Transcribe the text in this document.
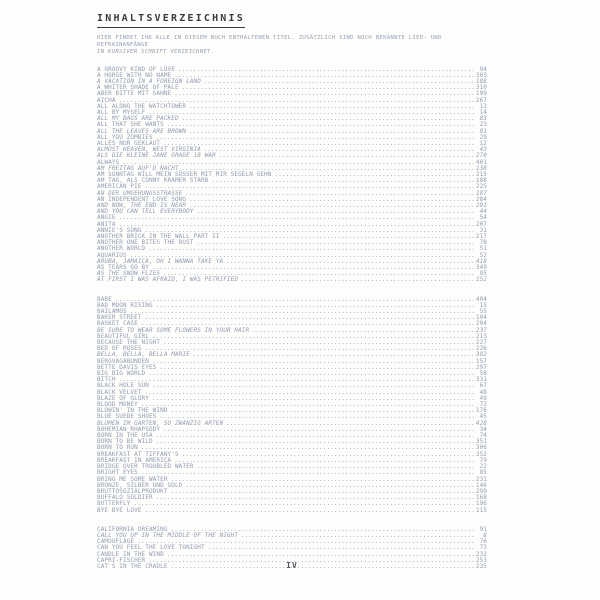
INHALTSVERZEICHNIS

HIER FINDET IHR ALLE IN DIESEM BUCH ENTHALTENEN TITEL. ZUSÄTZLICH SIND NOCH BEKANNTE LIED- UND REFRAINANFÄNGE
IN KURSIVER SCHRIFT VERZEICHNET.

A GROOVY KIND OF LOVE .....	94
A HORSE WITH NO NAME .....	303
A VACATION IN A FOREIGN LAND .....	188
A WHITER SHADE OF PALE .....	310
ABER BITTE MIT SAHNE .....	199
AICHA .....	267
ALL ALONG THE WATCHTOWER .....	13
ALL BY MYSELF .....	14
ALL MY BAGS ARE PACKED .....	83
ALL THAT SHE WANTS .....	23
ALL THE LEAVES ARE BROWN .....	91
ALL YOU ZOMBIES .....	29
ALLES NUR GEKLAUT .....	12
ALMOST HEAVEN, WEST VIRGINIA .....	43
ALS DIE KLEINE JANE GRADE 18 WAR .....	270
ALWAYS .....	401
AM FREITAG AUF'D NACHT .....	138
AM SONNTAG WILL MEIN SÜSSER MIT MIR SEGELN GEHN .....	215
AM TAG, ALS CONNY KRAMER STARB .....	188
AMERICAN PIE .....	225
AN DER UMGEHUNGSSTRASSE .....	187
AN INDEPENDENT LOVE SONG .....	284
AND NOW, THE END IS NEAR .....	291
AND YOU CAN TELL EVERYBODY .....	44
ANGIE .....	54
ANITA .....	207
ANNIE'S SONG .....	31
ANOTHER BRICK IN THE WALL PART II .....	217
ANOTHER ONE BITES THE DUST .....	78
ANOTHER WORLD .....	51
AQUARIUS .....	52
ARUBA, JAMAICA, OH I WANNA TAKE YA .....	418
AS TEARS GO BY .....	349
AS THE SNOW FLIES .....	95
AT FIRST I WAS AFRAID, I WAS PETRIFIED .....	152
BABE .....	404
BAD MOON RISING .....	15
BAILAMOS .....	55
BAKER STREET .....	104
BASKET CASE .....	204
BE SURE TO WEAR SOME FLOWERS IN YOUR HAIR .....	237
BEAUTIFUL GIRL .....	213
BECAUSE THE NIGHT .....	227
BED OF ROSES .....	226
BELLA, BELLA, BELLA MARIE .....	382
BERGVAGABUNDEN .....	157
BETTE DAVIS EYES .....	297
BIG BIG WORLD .....	58
BITCH .....	331
BLACK HOLE SUN .....	67
BLACK VELVET .....	48
BLAZE OF GLORY .....	49
BLOOD MONEY .....	72
BLOWIN' IN THE WIND .....	176
BLUE SUEDE SHOES .....	45
BLUMEN IM GARTEN, SO ZWANZIG ARTEN .....	428
BOHEMIAN RHAPSODY .....	34
BORN IN THE USA .....	74
BORN TO BE WILD .....	351
BORN TO RUN .....	306
BREAKFAST AT TIFFANY'S .....	352
BREAKFAST IN AMERICA .....	79
BRIDGE OVER TROUBLED WATER .....	22
BRIGHT EYES .....	85
BRING ME SOME WATER .....	231
BRONZE, SILBER UND GOLD .....	146
BRUTTOSOZIALPRODUKT .....	299
BUFFALO SOLDIER .....	168
BUTTERFLY .....	196
BYE BYE LOVE .....	115
CALIFORNIA DREAMING .....	91
CALL YOU UP IN THE MIDDLE OF THE NIGHT .....	8
CAMOUFLAGE .....	76
CAN YOU FEEL THE LOVE TONIGHT .....	73
CANDLE IN THE WIND .....	232
CAPRI-FISCHER .....	253
CAT'S IN THE CRADLE .....	235
IV
